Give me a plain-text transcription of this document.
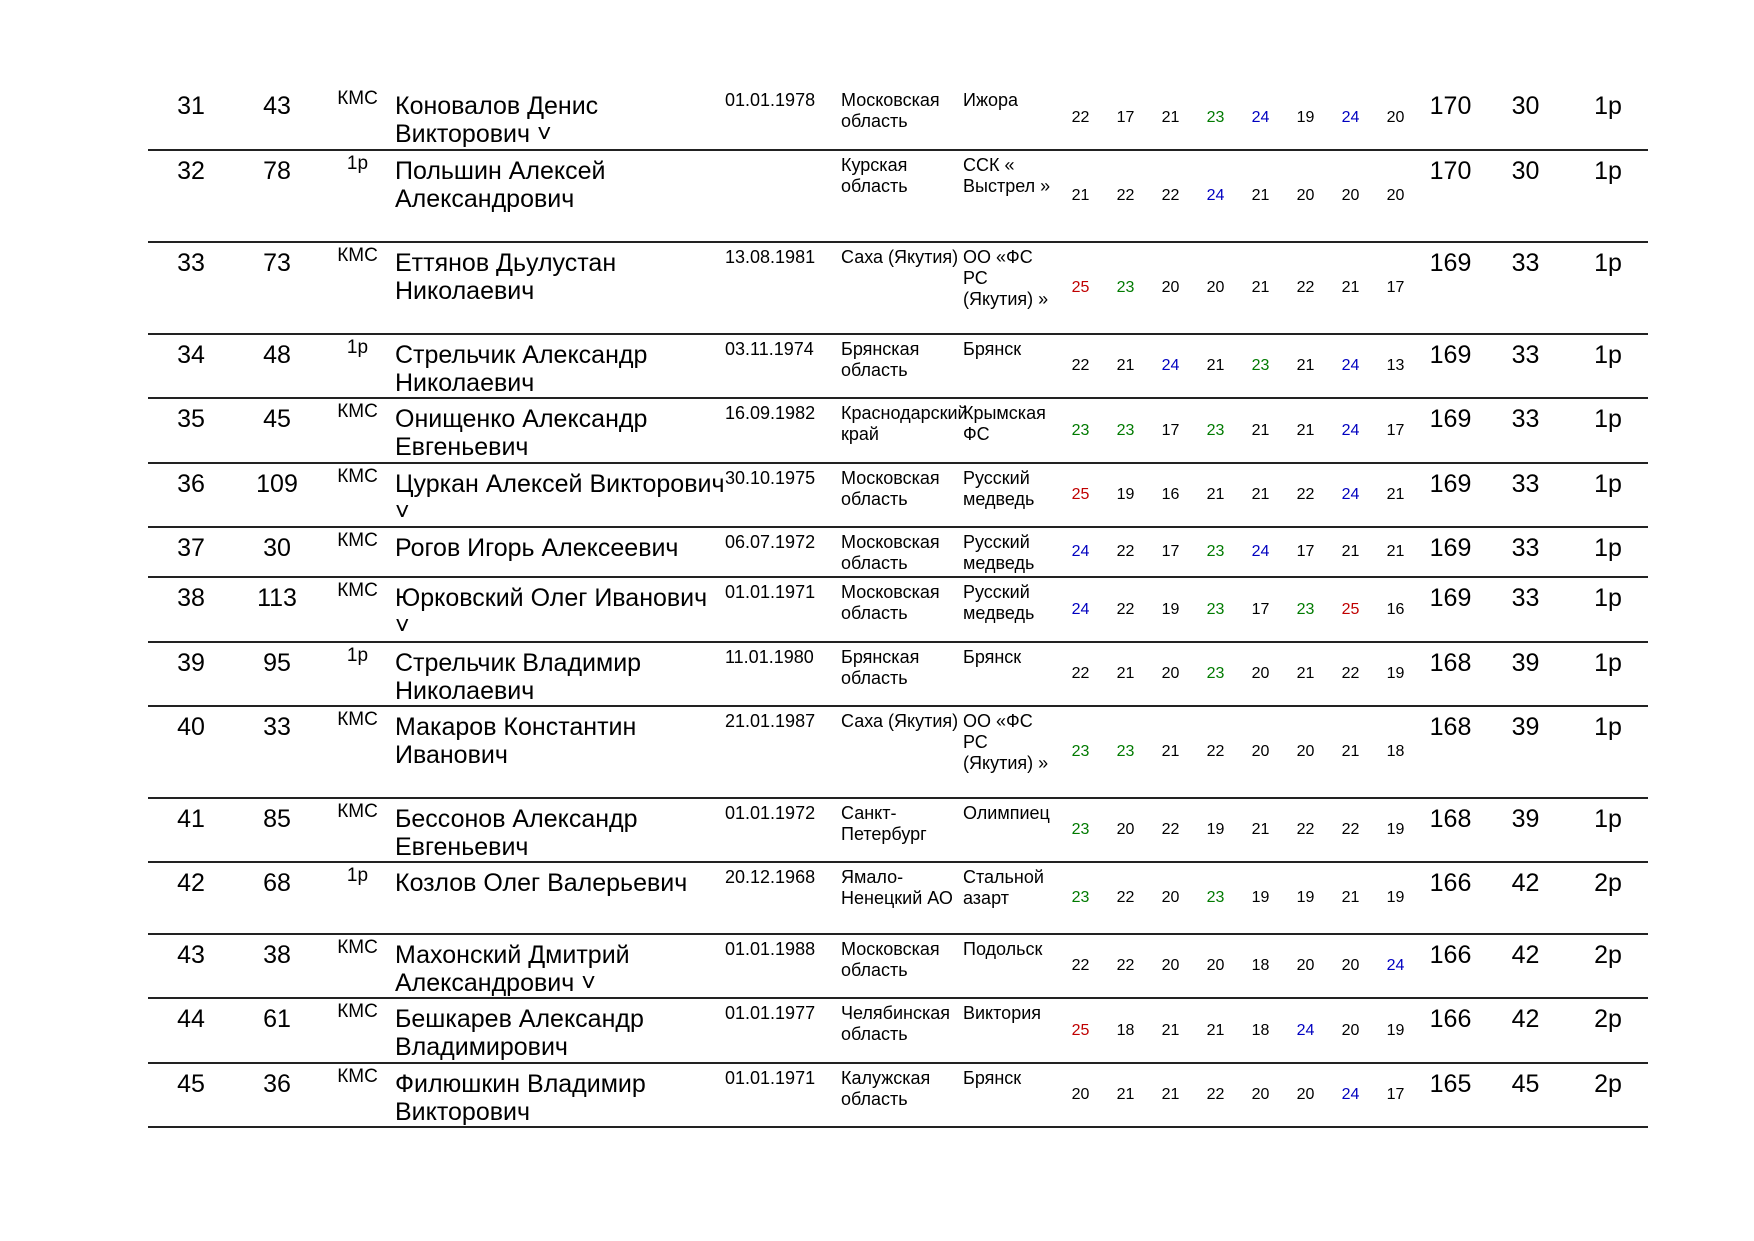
31	43	КМС	Коновалов Денис Викторович ˅	01.01.1978	Московская область	Ижора	22	17	21	23	24	19	24	20	170	30	1р
32	78	1р	Польшин Алексей Александрович		Курская область	ССК « Выстрел »	21	22	22	24	21	20	20	20	170	30	1р
33	73	КМС	Еттянов Дьулустан Николаевич	13.08.1981	Саха (Якутия)	ОО «ФС РС (Якутия) »	25	23	20	20	21	22	21	17	169	33	1р
34	48	1р	Стрельчик Александр Николаевич	03.11.1974	Брянская область	Брянск	22	21	24	21	23	21	24	13	169	33	1р
35	45	КМС	Онищенко Александр Евгеньевич	16.09.1982	Краснодарский край	Крымская ФС	23	23	17	23	21	21	24	17	169	33	1р
36	109	КМС	Цуркан Алексей Викторович ˅	30.10.1975	Московская область	Русский медведь	25	19	16	21	21	22	24	21	169	33	1р
37	30	КМС	Рогов Игорь Алексеевич	06.07.1972	Московская область	Русский медведь	24	22	17	23	24	17	21	21	169	33	1р
38	113	КМС	Юрковский Олег Иванович ˅	01.01.1971	Московская область	Русский медведь	24	22	19	23	17	23	25	16	169	33	1р
39	95	1р	Стрельчик Владимир Николаевич	11.01.1980	Брянская область	Брянск	22	21	20	23	20	21	22	19	168	39	1р
40	33	КМС	Макаров Константин Иванович	21.01.1987	Саха (Якутия)	ОО «ФС РС (Якутия) »	23	23	21	22	20	20	21	18	168	39	1р
41	85	КМС	Бессонов Александр Евгеньевич	01.01.1972	Санкт-Петербург	Олимпиец	23	20	22	19	21	22	22	19	168	39	1р
42	68	1р	Козлов Олег Валерьевич	20.12.1968	Ямало-Ненецкий АО	Стальной азарт	23	22	20	23	19	19	21	19	166	42	2р
43	38	КМС	Махонский Дмитрий Александрович ˅	01.01.1988	Московская область	Подольск	22	22	20	20	18	20	20	24	166	42	2р
44	61	КМС	Бешкарев Александр Владимирович	01.01.1977	Челябинская область	Виктория	25	18	21	21	18	24	20	19	166	42	2р
45	36	КМС	Филюшкин Владимир Викторович	01.01.1971	Калужская область	Брянск	20	21	21	22	20	20	24	17	165	45	2р
